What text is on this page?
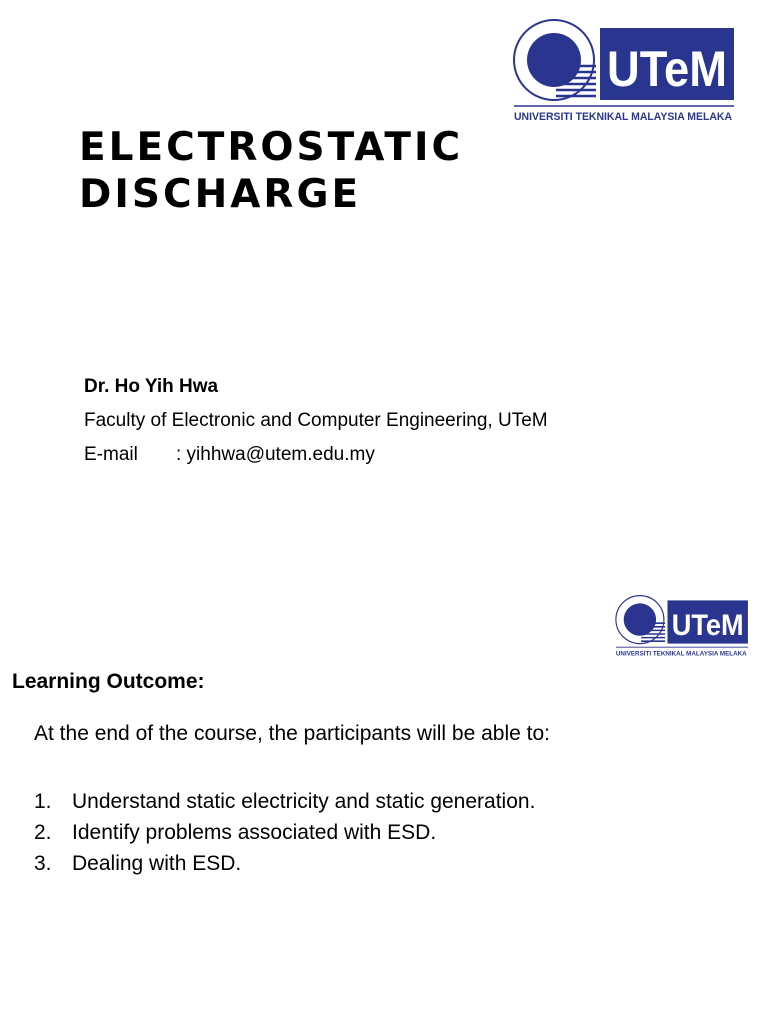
UTeM
UNIVERSITI TEKNIKAL MALAYSIA MELAKA
ELECTROSTATIC
DISCHARGE
Dr. Ho Yih Hwa
Faculty of Electronic and Computer Engineering, UTeM
E-mail : yihhwa@utem.edu.my
UTeM
UNIVERSITI TEKNIKAL MALAYSIA MELAKA
Learning Outcome:
At the end of the course, the participants will be able to:
1. Understand static electricity and static generation.
2. Identify problems associated with ESD.
3. Dealing with ESD.
